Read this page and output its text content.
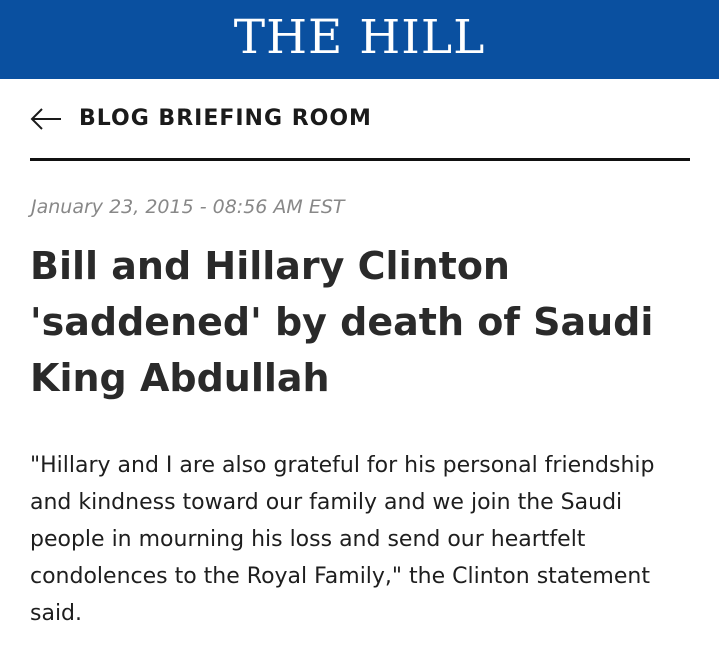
THE HILL
BLOG BRIEFING ROOM
January 23, 2015 - 08:56 AM EST
Bill and Hillary Clinton 'saddened' by death of Saudi King Abdullah

"Hillary and I are also grateful for his personal friendship and kindness toward our family and we join the Saudi people in mourning his loss and send our heartfelt condolences to the Royal Family," the Clinton statement said.
